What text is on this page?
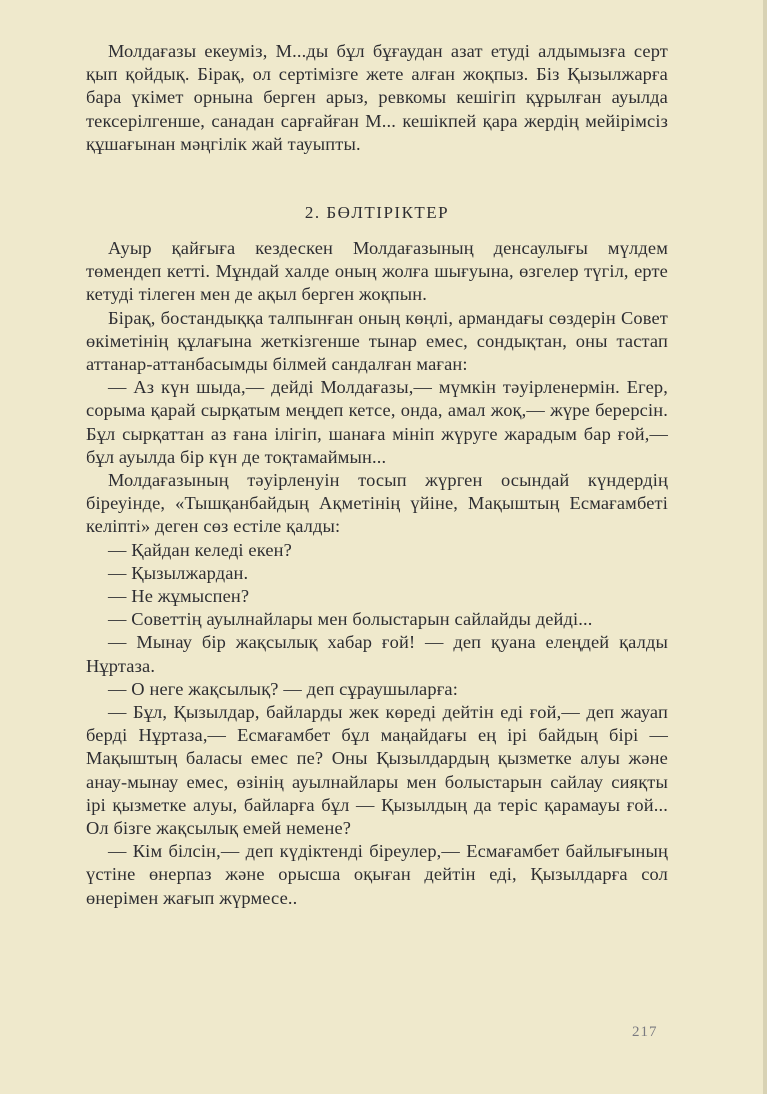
Молдағазы екеуміз, М...ды бұл бұғаудан азат етуді алдымызға серт қып қойдық. Бірақ, ол сертімізге жете алған жоқпыз. Біз Қызылжарға бара үкімет орнына берген арыз, ревкомы кешігіп құрылған ауылда тексерілгенше, санадан сарғайған М... кешікпей қара жердің мейірімсіз құшағынан мәңгілік жай тауыпты.

2. БӨЛТІРІКТЕР

Ауыр қайғыға кездескен Молдағазының денсаулығы мүлдем төмендеп кетті. Мұндай халде оның жолға шығуына, өзгелер түгіл, ерте кетуді тілеген мен де ақыл берген жоқпын.

Бірақ, бостандыққа талпынған оның көңлі, армандағы сөздерін Совет өкіметінің құлағына жеткізгенше тынар емес, сондықтан, оны тастап аттанар-аттанбасымды білмей сандалған маған:

— Аз күн шыда,— дейді Молдағазы,— мүмкін тәуірленермін. Егер, сорыма қарай сырқатым меңдеп кетсе, онда, амал жоқ,— жүре берерсін. Бұл сырқаттан аз ғана ілігіп, шанаға мініп жүруге жарадым бар ғой,— бұл ауылда бір күн де тоқтамаймын...

Молдағазының тәуірленуін тосып жүрген осындай күндердің біреуінде, «Тышқанбайдың Ақметінің үйіне, Мақыштың Есмағамбеті келіпті» деген сөз естіле қалды:

— Қайдан келеді екен?

— Қызылжардан.

— Не жұмыспен?

— Советтің ауылнайлары мен болыстарын сайлайды дейді...

— Мынау бір жақсылық хабар ғой! — деп қуана елеңдей қалды Нұртаза.

— О неге жақсылық? — деп сұраушыларға:

— Бұл, Қызылдар, байларды жек көреді дейтін еді ғой,— деп жауап берді Нұртаза,— Есмағамбет бұл маңайдағы ең ірі байдың бірі — Мақыштың баласы емес пе? Оны Қызылдардың қызметке алуы және анау-мынау емес, өзінің ауылнайлары мен болыстарын сайлау сияқты ірі қызметке алуы, байларға бұл — Қызылдың да теріс қарамауы ғой... Ол бізге жақсылық емей немене?

— Кім білсін,— деп күдіктенді біреулер,— Есмағамбет байлығының үстіне өнерпаз және орысша оқыған дейтін еді, Қызылдарға сол өнерімен жағып жүрмесе..

217
